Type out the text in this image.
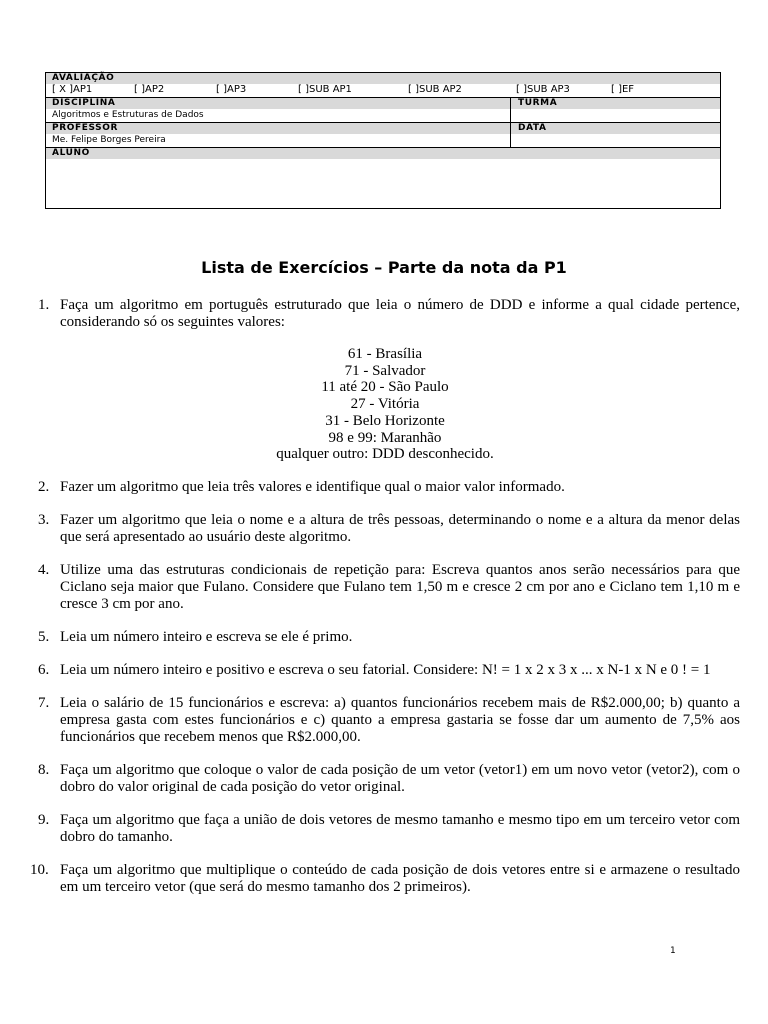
AVALIAÇÃO
[ X ]AP1	[ ]AP2	[ ]AP3	[ ]SUB AP1	[ ]SUB AP2	[ ]SUB AP3	[ ]EF
DISCIPLINA	TURMA
Algoritmos e Estruturas de Dados
PROFESSOR	DATA
Me. Felipe Borges Pereira
ALUNO
Lista de Exercícios – Parte da nota da P1
1. Faça um algoritmo em português estruturado que leia o número de DDD e informe a qual cidade pertence, considerando só os seguintes valores:
61 - Brasília
71 - Salvador
11 até 20 - São Paulo
27 - Vitória
31 - Belo Horizonte
98 e 99: Maranhão
qualquer outro: DDD desconhecido.
2. Fazer um algoritmo que leia três valores e identifique qual o maior valor informado.
3. Fazer um algoritmo que leia o nome e a altura de três pessoas, determinando o nome e a altura da menor delas que será apresentado ao usuário deste algoritmo.
4. Utilize uma das estruturas condicionais de repetição para: Escreva quantos anos serão necessários para que Ciclano seja maior que Fulano. Considere que Fulano tem 1,50 m e cresce 2 cm por ano e Ciclano tem 1,10 m e cresce 3 cm por ano.
5. Leia um número inteiro e escreva se ele é primo.
6. Leia um número inteiro e positivo e escreva o seu fatorial. Considere: N! = 1 x 2 x 3 x ... x N-1 x N e 0 ! = 1
7. Leia o salário de 15 funcionários e escreva: a) quantos funcionários recebem mais de R$2.000,00; b) quanto a empresa gasta com estes funcionários e c) quanto a empresa gastaria se fosse dar um aumento de 7,5% aos funcionários que recebem menos que R$2.000,00.
8. Faça um algoritmo que coloque o valor de cada posição de um vetor (vetor1) em um novo vetor (vetor2), com o dobro do valor original de cada posição do vetor original.
9. Faça um algoritmo que faça a união de dois vetores de mesmo tamanho e mesmo tipo em um terceiro vetor com dobro do tamanho.
10. Faça um algoritmo que multiplique o conteúdo de cada posição de dois vetores entre si e armazene o resultado em um terceiro vetor (que será do mesmo tamanho dos 2 primeiros).
1
